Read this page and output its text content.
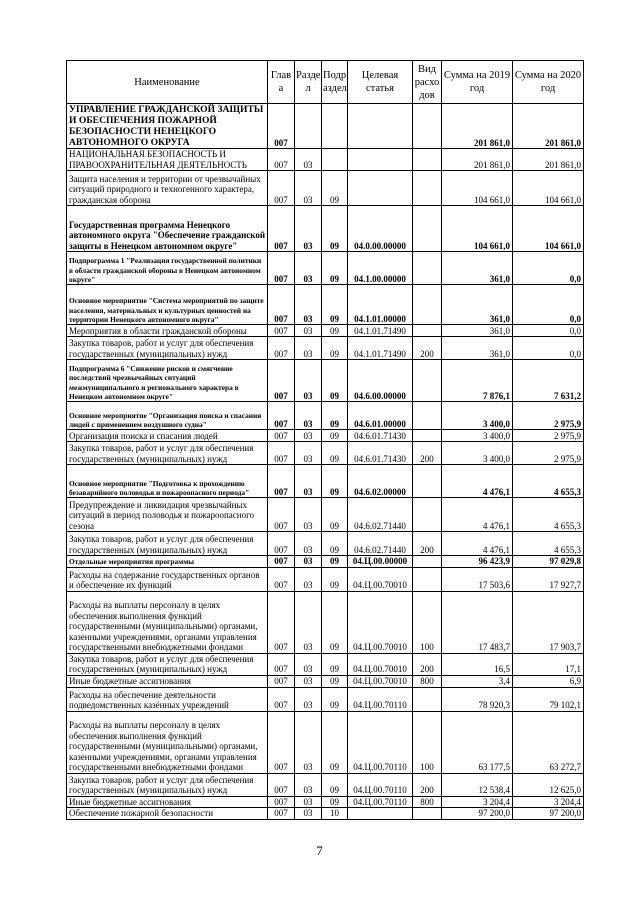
Наименование	Глав а	Разде л	Подр аздел	Целевая статья	Вид расхо дов	Сумма на 2019 год	Сумма на 2020 год
УПРАВЛЕНИЕ ГРАЖДАНСКОЙ ЗАЩИТЫ И ОБЕСПЕЧЕНИЯ ПОЖАРНОЙ БЕЗОПАСНОСТИ НЕНЕЦКОГО АВТОНОМНОГО ОКРУГА	007					201 861,0	201 861,0
НАЦИОНАЛЬНАЯ БЕЗОПАСНОСТЬ И ПРАВООХРАНИТЕЛЬНАЯ ДЕЯТЕЛЬНОСТЬ	007	03				201 861,0	201 861,0
Защита населения и территории от чрезвычайных ситуаций природного и техногенного характера, гражданская оборона	007	03	09			104 661,0	104 661,0
Государственная программа Ненецкого автономного округа "Обеспечение гражданской защиты в Ненецком автономном округе"	007	03	09	04.0.00.00000		104 661,0	104 661,0
Подпрограмма 1 "Реализация государственной политики в области гражданской обороны в Ненецком автономном округе"	007	03	09	04.1.00.00000		361,0	0,0
Основное мероприятие "Система мероприятий по защите населения, материальных и культурных ценностей на территории Ненецкого автономного округа"	007	03	09	04.1.01.00000		361,0	0,0
Мероприятия в области гражданской обороны	007	03	09	04.1.01.71490		361,0	0,0
Закупка товаров, работ и услуг для обеспечения государственных (муниципальных) нужд	007	03	09	04.1.01.71490	200	361,0	0,0
Подпрограмма 6 "Снижение рисков и смягчение последствий чрезвычайных ситуаций межмуниципального и регионального характера в Ненецком автономном округе"	007	03	09	04.6.00.00000		7 876,1	7 631,2
Основное мероприятие "Организация поиска и спасания людей с применением воздушного судна"	007	03	09	04.6.01.00000		3 400,0	2 975,9
Организация поиска и спасания людей	007	03	09	04.6.01.71430		3 400,0	2 975,9
Закупка товаров, работ и услуг для обеспечения государственных (муниципальных) нужд	007	03	09	04.6.01.71430	200	3 400,0	2 975,9
Основное мероприятие "Подготовка к прохождению безаварийного половодья и пожароопасного периода"	007	03	09	04.6.02.00000		4 476,1	4 655,3
Предупреждение и ликвидация чрезвычайных ситуаций в период половодья и пожароопасного сезона	007	03	09	04.6.02.71440		4 476,1	4 655,3
Закупка товаров, работ и услуг для обеспечения государственных (муниципальных) нужд	007	03	09	04.6.02.71440	200	4 476,1	4 655,3
Отдельные мероприятия программы	007	03	09	04.Ц.00.00000		96 423,9	97 029,8
Расходы на содержание государственных органов и обеспечение их функций	007	03	09	04.Ц.00.70010		17 503,6	17 927,7
Расходы на выплаты персоналу в целях обеспечения выполнения функций государственными (муниципальными) органами, казенными учреждениями, органами управления государственными внебюджетными фондами	007	03	09	04.Ц.00.70010	100	17 483,7	17 903,7
Закупка товаров, работ и услуг для обеспечения государственных (муниципальных) нужд	007	03	09	04.Ц.00.70010	200	16,5	17,1
Иные бюджетные ассигнования	007	03	09	04.Ц.00.70010	800	3,4	6,9
Расходы на обеспечение деятельности подведомственных казённых учреждений	007	03	09	04.Ц.00.70110		78 920,3	79 102,1
Расходы на выплаты персоналу в целях обеспечения выполнения функций государственными (муниципальными) органами, казенными учреждениями, органами управления государственными внебюджетными фондами	007	03	09	04.Ц.00.70110	100	63 177,5	63 272,7
Закупка товаров, работ и услуг для обеспечения государственных (муниципальных) нужд	007	03	09	04.Ц.00.70110	200	12 538,4	12 625,0
Иные бюджетные ассигнования	007	03	09	04.Ц.00.70110	800	3 204,4	3 204,4
Обеспечение пожарной безопасности	007	03	10			97 200,0	97 200,0
7
